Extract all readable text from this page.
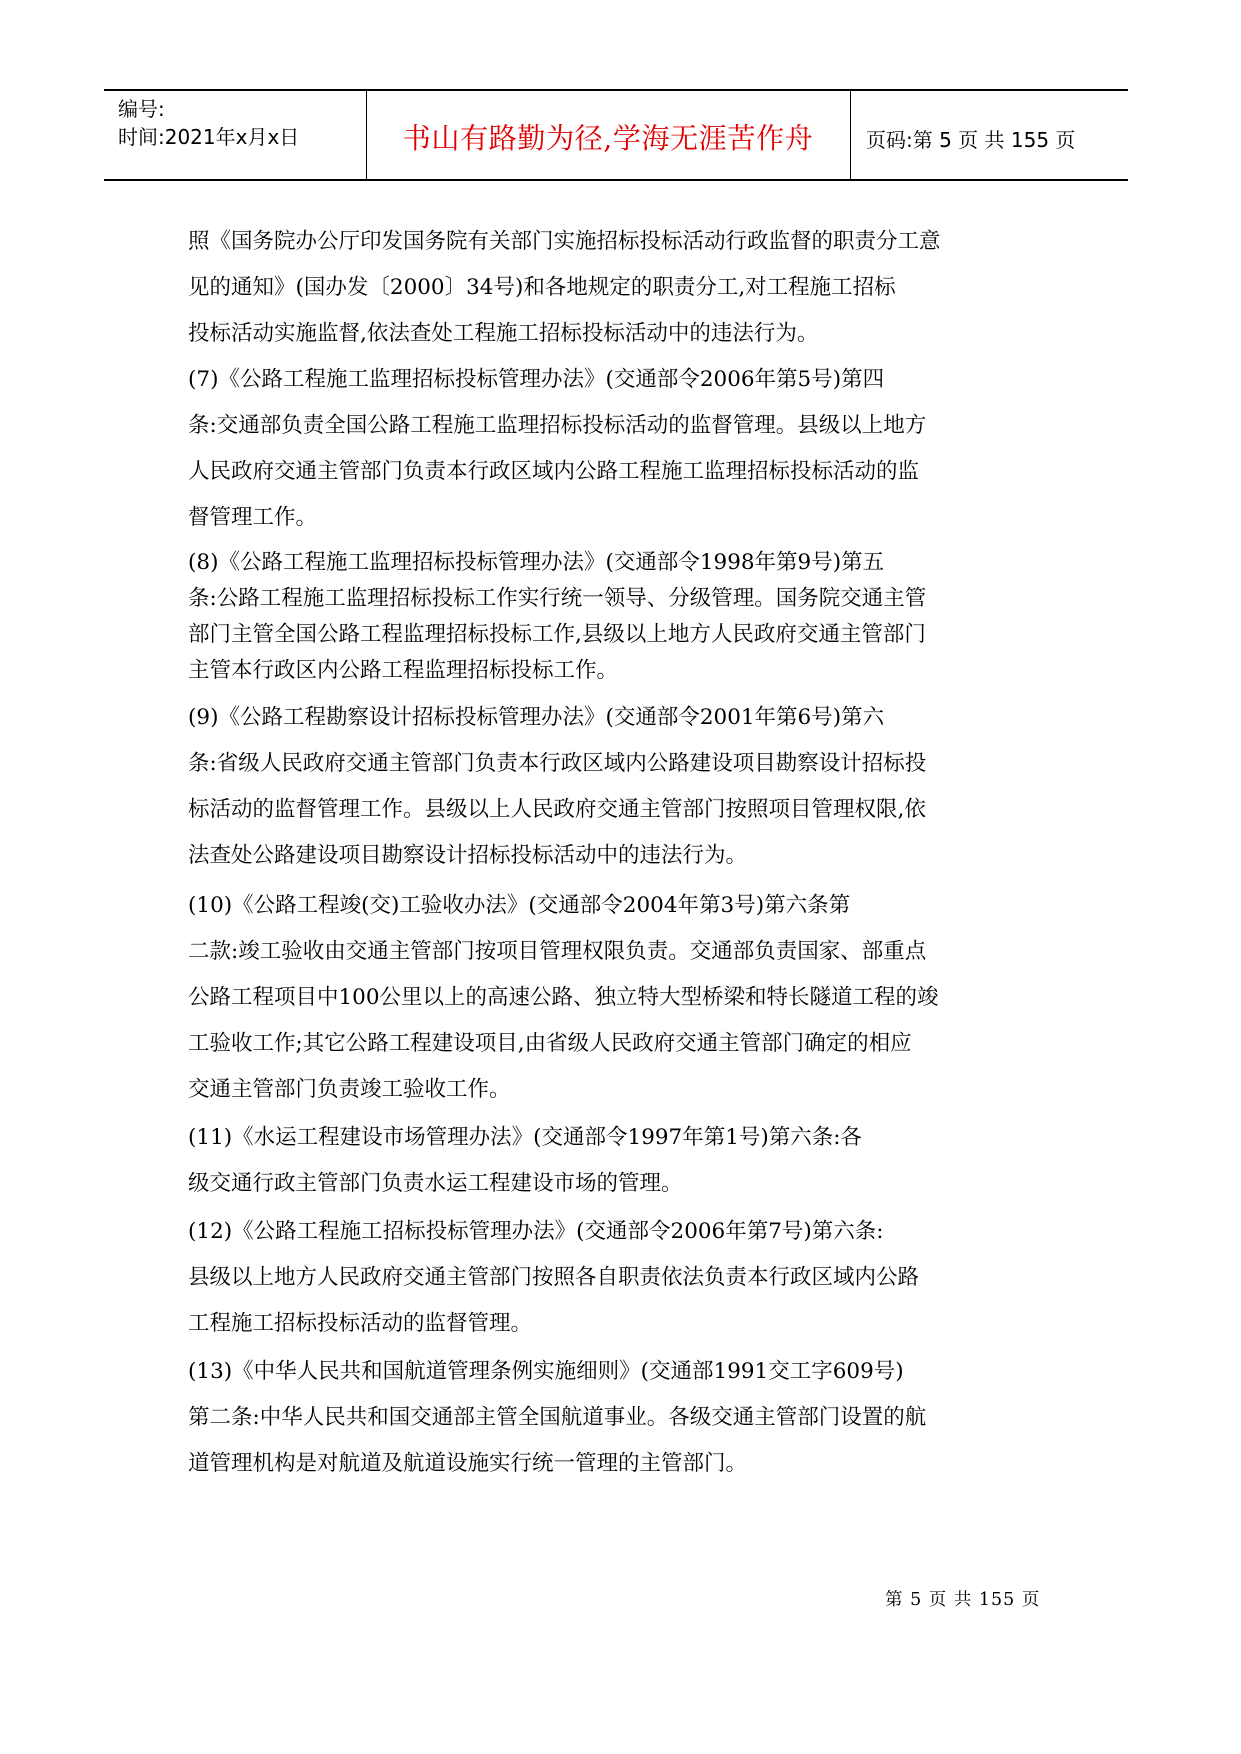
编号:
时间:2021年x月x日	书山有路勤为径,学海无涯苦作舟	页码:第 5 页 共 155 页
照《国务院办公厅印发国务院有关部门实施招标投标活动行政监督的职责分工意
见的通知》(国办发〔2000〕34号)和各地规定的职责分工,对工程施工招标
投标活动实施监督,依法查处工程施工招标投标活动中的违法行为。
(7)《公路工程施工监理招标投标管理办法》(交通部令2006年第5号)第四
条:交通部负责全国公路工程施工监理招标投标活动的监督管理。县级以上地方
人民政府交通主管部门负责本行政区域内公路工程施工监理招标投标活动的监
督管理工作。
(8)《公路工程施工监理招标投标管理办法》(交通部令1998年第9号)第五
条:公路工程施工监理招标投标工作实行统一领导、分级管理。国务院交通主管
部门主管全国公路工程监理招标投标工作,县级以上地方人民政府交通主管部门
主管本行政区内公路工程监理招标投标工作。
(9)《公路工程勘察设计招标投标管理办法》(交通部令2001年第6号)第六
条:省级人民政府交通主管部门负责本行政区域内公路建设项目勘察设计招标投
标活动的监督管理工作。县级以上人民政府交通主管部门按照项目管理权限,依
法查处公路建设项目勘察设计招标投标活动中的违法行为。
(10)《公路工程竣(交)工验收办法》(交通部令2004年第3号)第六条第
二款:竣工验收由交通主管部门按项目管理权限负责。交通部负责国家、部重点
公路工程项目中100公里以上的高速公路、独立特大型桥梁和特长隧道工程的竣
工验收工作;其它公路工程建设项目,由省级人民政府交通主管部门确定的相应
交通主管部门负责竣工验收工作。
(11)《水运工程建设市场管理办法》(交通部令1997年第1号)第六条:各
级交通行政主管部门负责水运工程建设市场的管理。
(12)《公路工程施工招标投标管理办法》(交通部令2006年第7号)第六条:
县级以上地方人民政府交通主管部门按照各自职责依法负责本行政区域内公路
工程施工招标投标活动的监督管理。
(13)《中华人民共和国航道管理条例实施细则》(交通部1991交工字609号)
第二条:中华人民共和国交通部主管全国航道事业。各级交通主管部门设置的航
道管理机构是对航道及航道设施实行统一管理的主管部门。
第 5 页 共 155 页
